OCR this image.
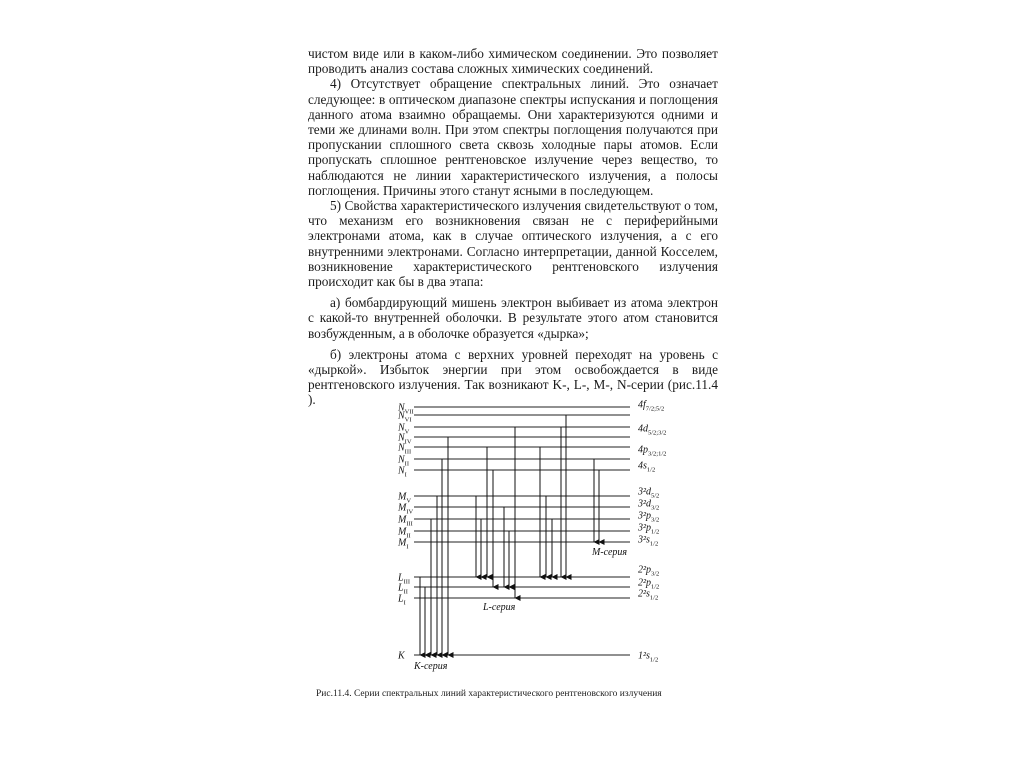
чистом виде или в каком-либо химическом соединении. Это позволяет проводить анализ состава сложных химических соединений.

4) Отсутствует обращение спектральных линий. Это означает следующее: в оптическом диапазоне спектры испускания и поглощения данного атома взаимно обращаемы. Они характеризуются одними и теми же длинами волн. При этом спектры поглощения получаются при пропускании сплошного света сквозь холодные пары атомов. Если пропускать сплошное рентгеновское излучение через вещество, то наблюдаются не линии характеристического излучения, а полосы поглощения. Причины этого станут ясными в последующем.

5) Свойства характеристического излучения свидетельствуют о том, что механизм его возникновения связан не с периферийными электронами атома, как в случае оптического излучения, а с его внутренними электронами. Согласно интерпретации, данной Косселем, возникновение характеристического рентгеновского излучения происходит как бы в два этапа:

а) бомбардирующий мишень электрон выбивает из атома электрон с какой-то внутренней оболочки. В результате этого атом становится возбужденным, а в оболочке образуется «дырка»;

б) электроны атома с верхних уровней переходят на уровень с «дыркой». Избыток энергии при этом освобождается в виде рентгеновского излучения. Так возникают K-, L-, M-, N-серии (рис.11.4 ).

$N_{VII}$
$N_{VI}$
$N_V$
$N_{IV}$
$N_{III}$
$N_{II}$
$N_I$
$M_V$
$M_{IV}$
$M_{III}$
$M_{II}$
$M_I$
$L_{III}$
$L_{II}$
$L_I$
K
$4f_{7/2;5/2}$
$4d_{5/2;3/2}$
$4p_{3/2;1/2}$
$4s_{1/2}$
$3^2d_{5/2}$
$3^2d_{3/2}$
$3^2p_{3/2}$
$3^2p_{1/2}$
$3^2s_{1/2}$
$2^2p_{3/2}$
$2^2p_{1/2}$
$2^2s_{1/2}$
$1^2s_{1/2}$
K-серия
L-серия
M-серия
Рис.11.4. Серии спектральных линий характеристического рентгеновского излучения
